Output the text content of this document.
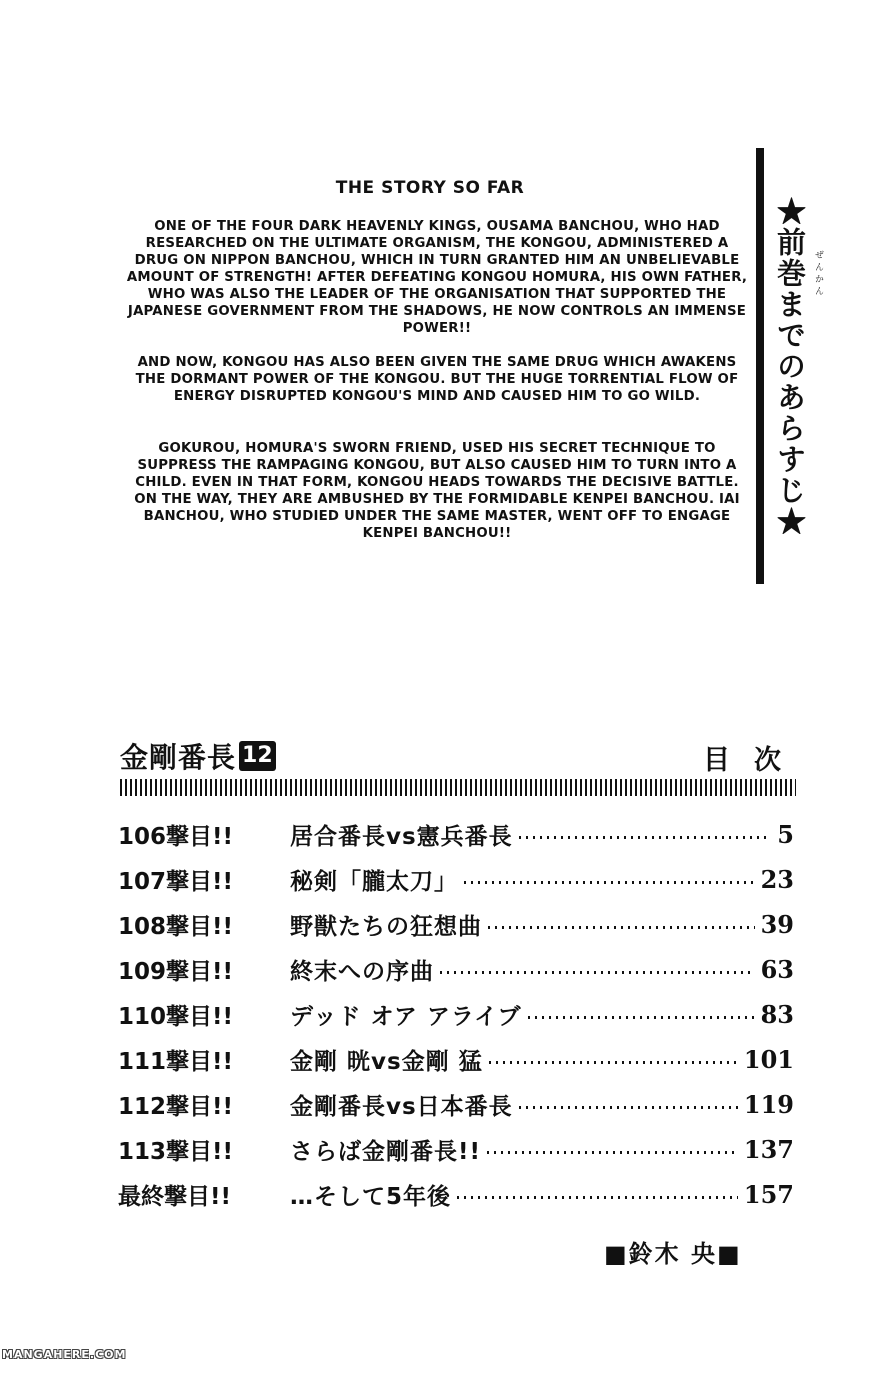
THE STORY SO FAR

ONE OF THE FOUR DARK HEAVENLY KINGS, OUSAMA BANCHOU, WHO HAD RESEARCHED ON THE ULTIMATE ORGANISM, THE KONGOU, ADMINISTERED A DRUG ON NIPPON BANCHOU, WHICH IN TURN GRANTED HIM AN UNBELIEVABLE AMOUNT OF STRENGTH! AFTER DEFEATING KONGOU HOMURA, HIS OWN FATHER, WHO WAS ALSO THE LEADER OF THE ORGANISATION THAT SUPPORTED THE JAPANESE GOVERNMENT FROM THE SHADOWS, HE NOW CONTROLS AN IMMENSE POWER!!

AND NOW, KONGOU HAS ALSO BEEN GIVEN THE SAME DRUG WHICH AWAKENS THE DORMANT POWER OF THE KONGOU. BUT THE HUGE TORRENTIAL FLOW OF ENERGY DISRUPTED KONGOU'S MIND AND CAUSED HIM TO GO WILD.

GOKUROU, HOMURA'S SWORN FRIEND, USED HIS SECRET TECHNIQUE TO SUPPRESS THE RAMPAGING KONGOU, BUT ALSO CAUSED HIM TO TURN INTO A CHILD. EVEN IN THAT FORM, KONGOU HEADS TOWARDS THE DECISIVE BATTLE. ON THE WAY, THEY ARE AMBUSHED BY THE FORMIDABLE KENPEI BANCHOU. IAI BANCHOU, WHO STUDIED UNDER THE SAME MASTER, WENT OFF TO ENGAGE KENPEI BANCHOU!!	★前巻までのあらすじ★ ぜんかん
金剛番長 12	目次
106撃目!!	居合番長vs憲兵番長	5
107撃目!!	秘剣「朧太刀」	23
108撃目!!	野獣たちの狂想曲	39
109撃目!!	終末への序曲	63
110撃目!!	デッド オア アライブ	83
111撃目!!	金剛 晄vs金剛 猛	101
112撃目!!	金剛番長vs日本番長	119
113撃目!!	さらば金剛番長!!	137
最終撃目!!	…そして5年後	157
■鈴木 央■
MANGAHERE.COM
